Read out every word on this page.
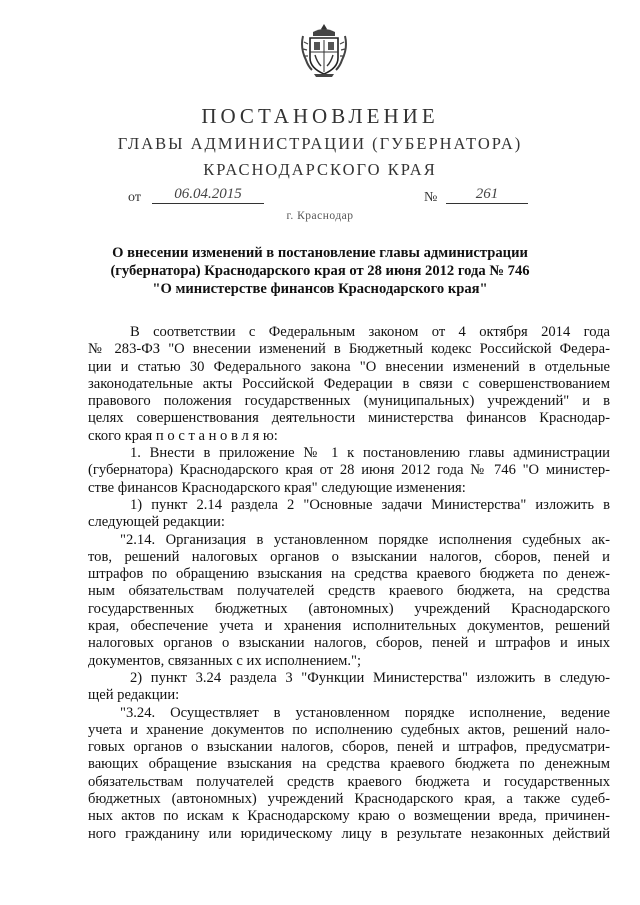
ПОСТАНОВЛЕНИЕ
ГЛАВЫ АДМИНИСТРАЦИИ (ГУБЕРНАТОРА)
КРАСНОДАРСКОГО КРАЯ
от	06.04.2015	№	261
г. Краснодар
О внесении изменений в постановление главы администрации
(губернатора) Краснодарского края от 28 июня 2012 года № 746
"О министерстве финансов Краснодарского края"
В соответствии с Федеральным законом от 4 октября 2014 года
№ 283-ФЗ "О внесении изменений в Бюджетный кодекс Российской Федера-
ции и статью 30 Федерального закона "О внесении изменений в отдельные
законодательные акты Российской Федерации в связи с совершенствованием
правового положения государственных (муниципальных) учреждений" и в
целях совершенствования деятельности министерства финансов Краснодар-
ского края п о с т а н о в л я ю:
1. Внести в приложение № 1 к постановлению главы администрации
(губернатора) Краснодарского края от 28 июня 2012 года № 746 "О министер-
стве финансов Краснодарского края" следующие изменения:
1) пункт 2.14 раздела 2 "Основные задачи Министерства" изложить в
следующей редакции:
"2.14. Организация в установленном порядке исполнения судебных ак-
тов, решений налоговых органов о взыскании налогов, сборов, пеней и
штрафов по обращению взыскания на средства краевого бюджета по денеж-
ным обязательствам получателей средств краевого бюджета, на средства
государственных бюджетных (автономных) учреждений Краснодарского
края, обеспечение учета и хранения исполнительных документов, решений
налоговых органов о взыскании налогов, сборов, пеней и штрафов и иных
документов, связанных с их исполнением.";
2) пункт 3.24 раздела 3 "Функции Министерства" изложить в следую-
щей редакции:
"3.24. Осуществляет в установленном порядке исполнение, ведение
учета и хранение документов по исполнению судебных актов, решений нало-
говых органов о взыскании налогов, сборов, пеней и штрафов, предусматри-
вающих обращение взыскания на средства краевого бюджета по денежным
обязательствам получателей средств краевого бюджета и государственных
бюджетных (автономных) учреждений Краснодарского края, а также судеб-
ных актов по искам к Краснодарскому краю о возмещении вреда, причинен-
ного гражданину или юридическому лицу в результате незаконных действий
